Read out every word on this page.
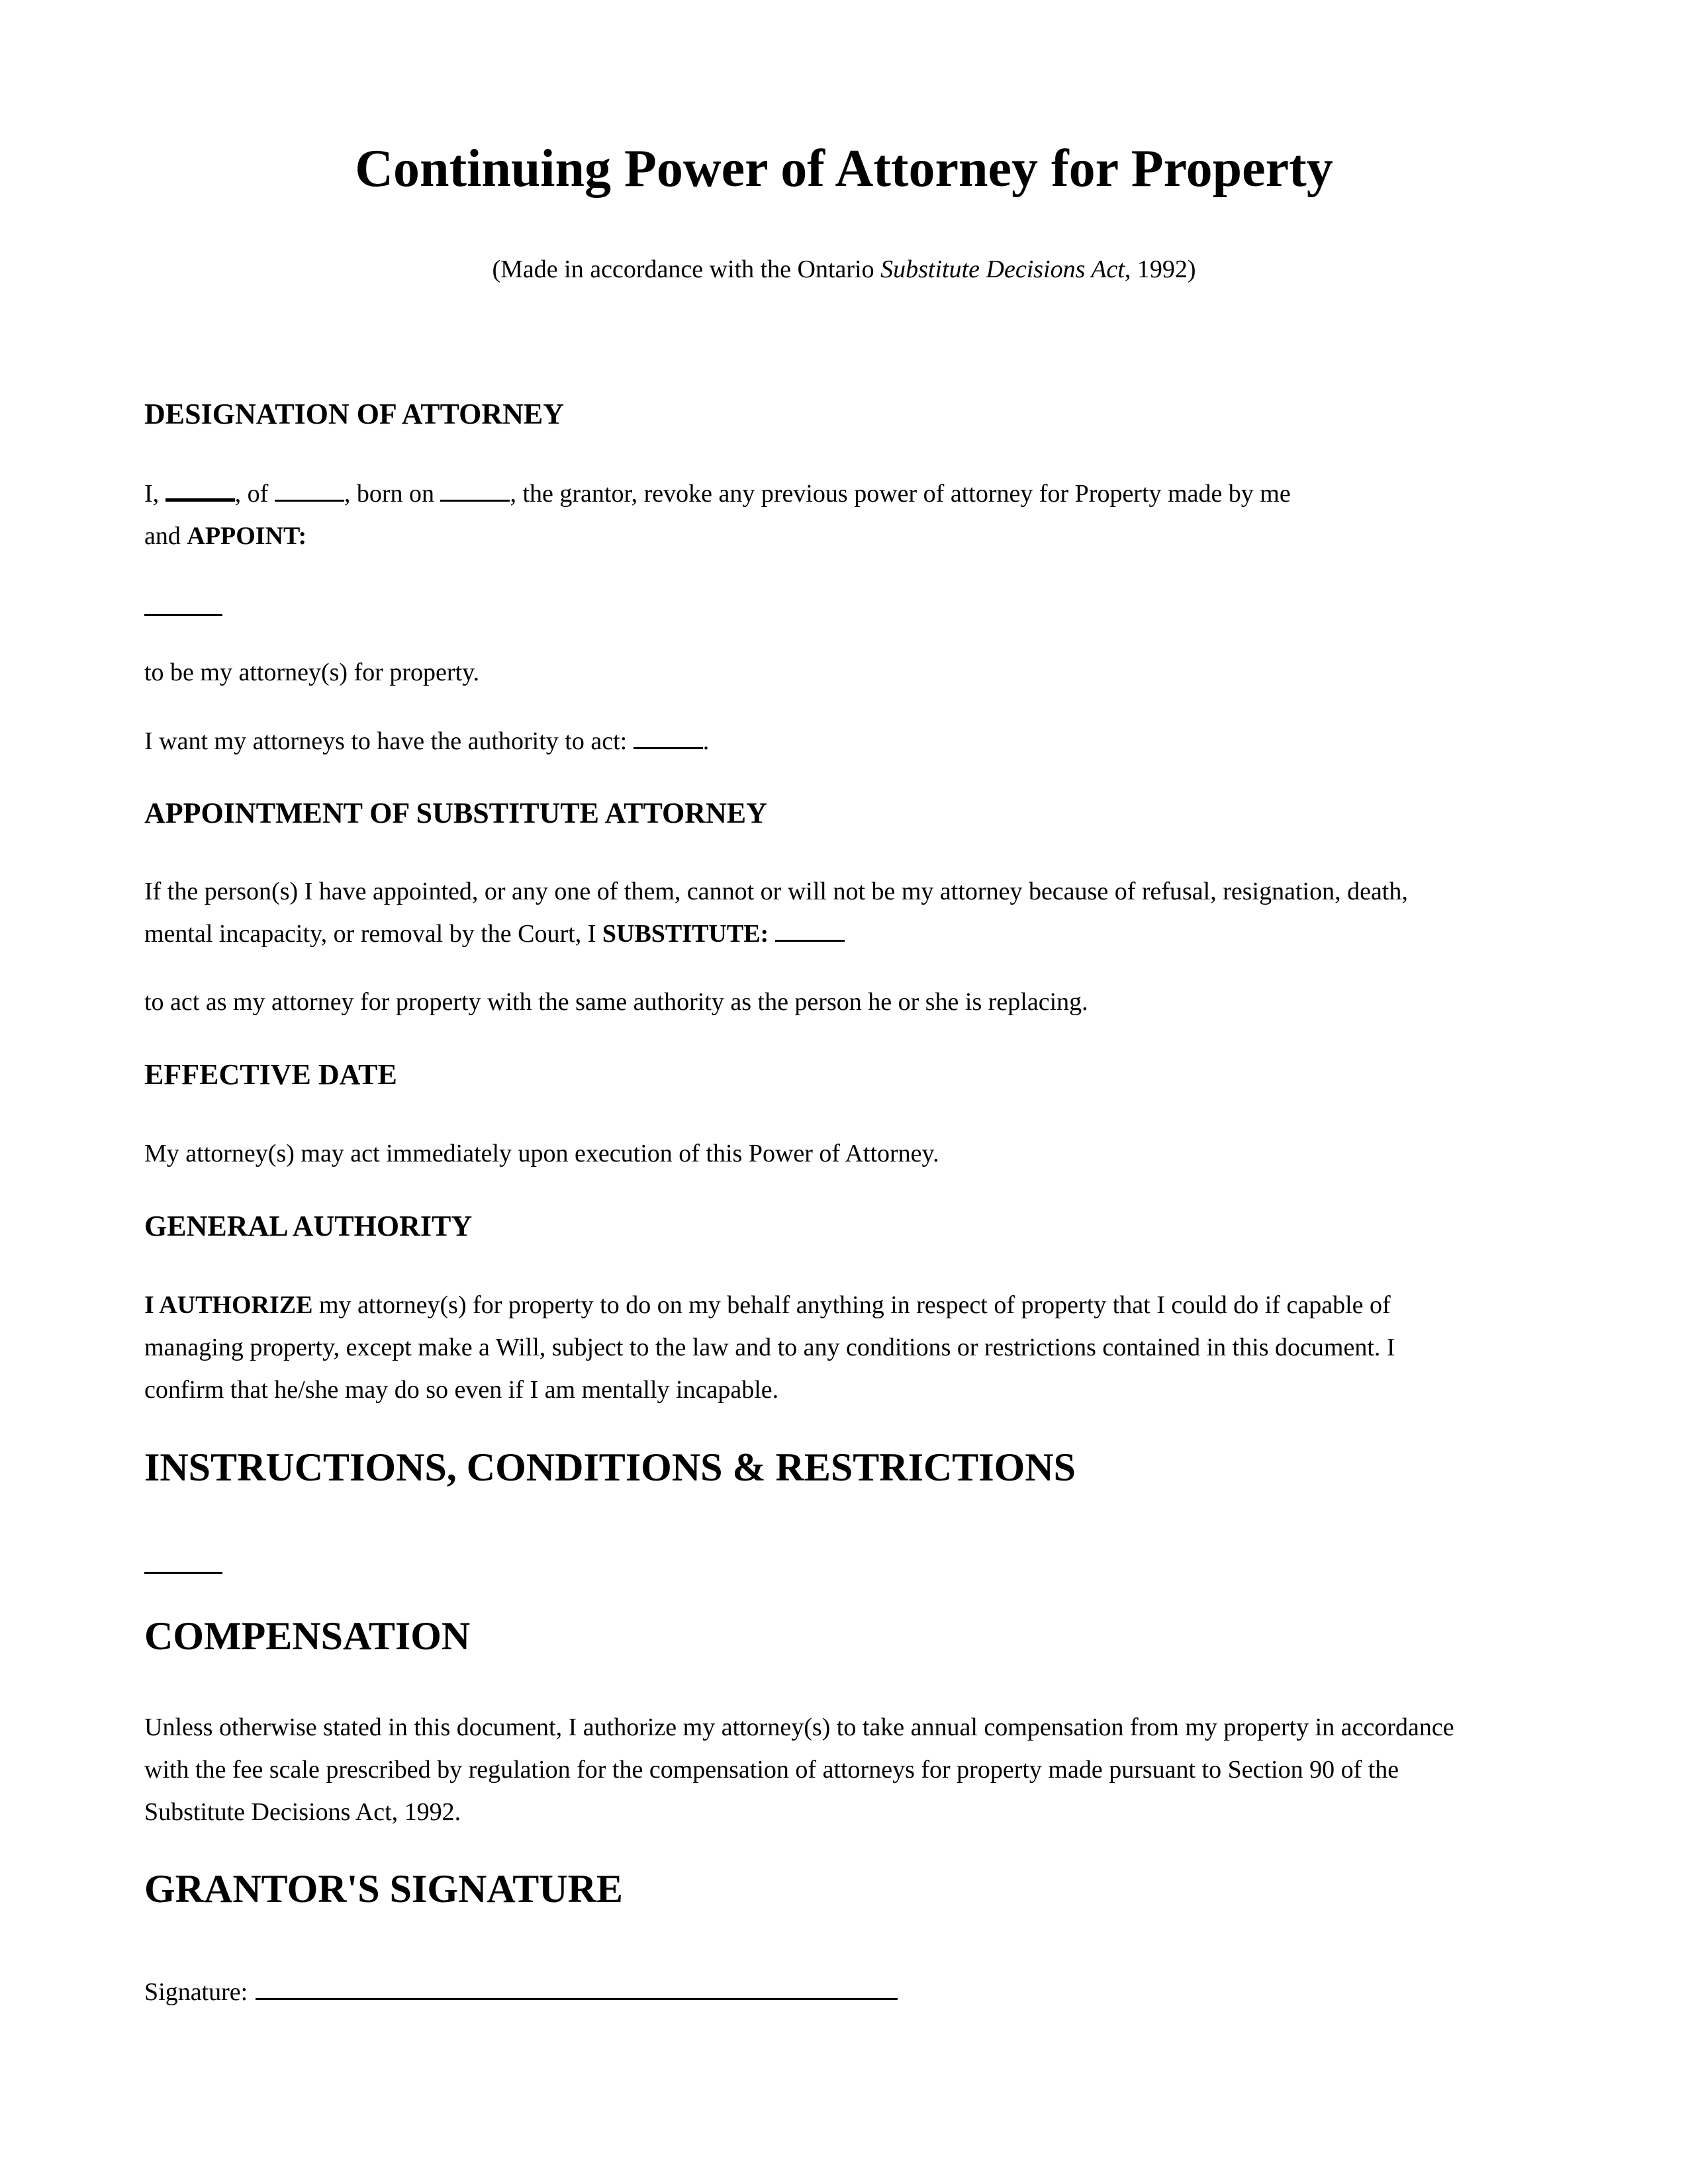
Continuing Power of Attorney for Property
(Made in accordance with the Ontario Substitute Decisions Act, 1992)
DESIGNATION OF ATTORNEY
I,	, of	, born on	, the grantor, revoke any previous power of attorney for Property made by me
and APPOINT:
to be my attorney(s) for property.
I want my attorneys to have the authority to act:	.
APPOINTMENT OF SUBSTITUTE ATTORNEY
If the person(s) I have appointed, or any one of them, cannot or will not be my attorney because of refusal, resignation, death,
mental incapacity, or removal by the Court, I SUBSTITUTE:
to act as my attorney for property with the same authority as the person he or she is replacing.
EFFECTIVE DATE
My attorney(s) may act immediately upon execution of this Power of Attorney.
GENERAL AUTHORITY
I AUTHORIZE my attorney(s) for property to do on my behalf anything in respect of property that I could do if capable of
managing property, except make a Will, subject to the law and to any conditions or restrictions contained in this document. I
confirm that he/she may do so even if I am mentally incapable.
INSTRUCTIONS, CONDITIONS & RESTRICTIONS
COMPENSATION
Unless otherwise stated in this document, I authorize my attorney(s) to take annual compensation from my property in accordance
with the fee scale prescribed by regulation for the compensation of attorneys for property made pursuant to Section 90 of the
Substitute Decisions Act, 1992.
GRANTOR'S SIGNATURE
Signature:
